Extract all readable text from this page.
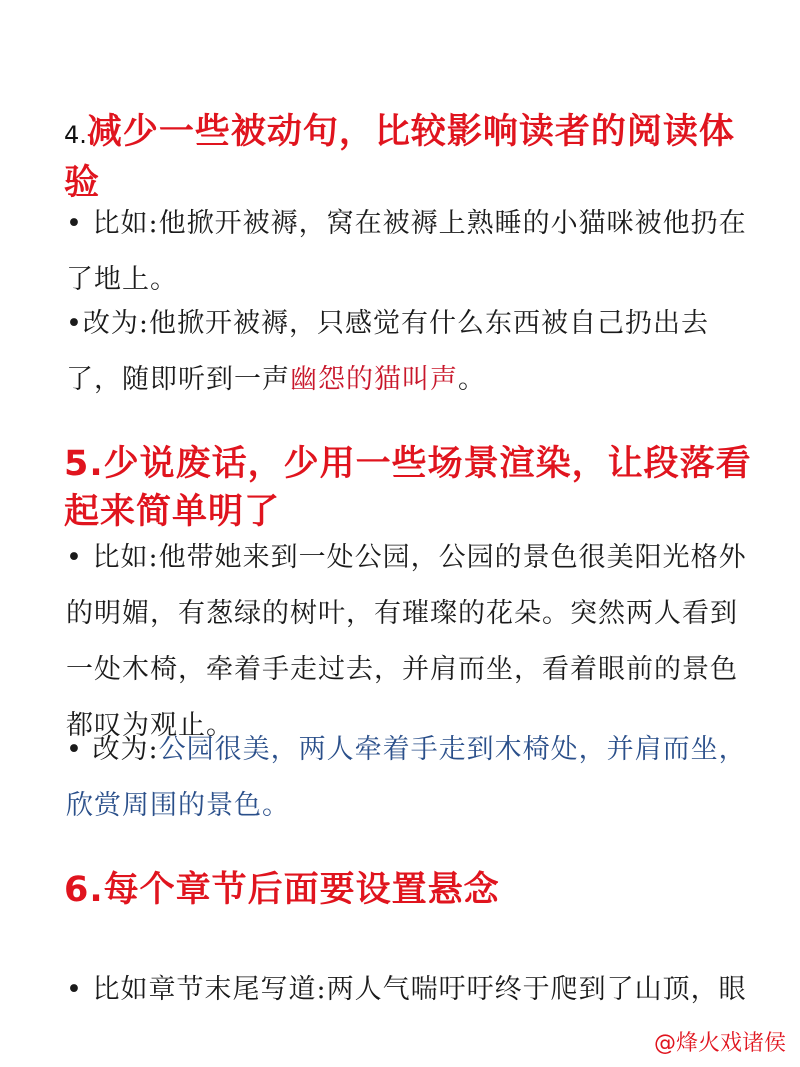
4.减少一些被动句，比较影响读者的阅读体验
• 比如:他掀开被褥，窝在被褥上熟睡的小猫咪被他扔在了地上。
•改为:他掀开被褥，只感觉有什么东西被自己扔出去了，随即听到一声幽怨的猫叫声。
5.少说废话，少用一些场景渲染，让段落看起来简单明了
• 比如:他带她来到一处公园，公园的景色很美阳光格外的明媚，有葱绿的树叶，有璀璨的花朵。突然两人看到一处木椅，牵着手走过去，并肩而坐，看着眼前的景色都叹为观止。
• 改为:公园很美，两人牵着手走到木椅处，并肩而坐，欣赏周围的景色。
6.每个章节后面要设置悬念
• 比如章节末尾写道:两人气喘吁吁终于爬到了山顶，眼
@烽火戏诸侯
